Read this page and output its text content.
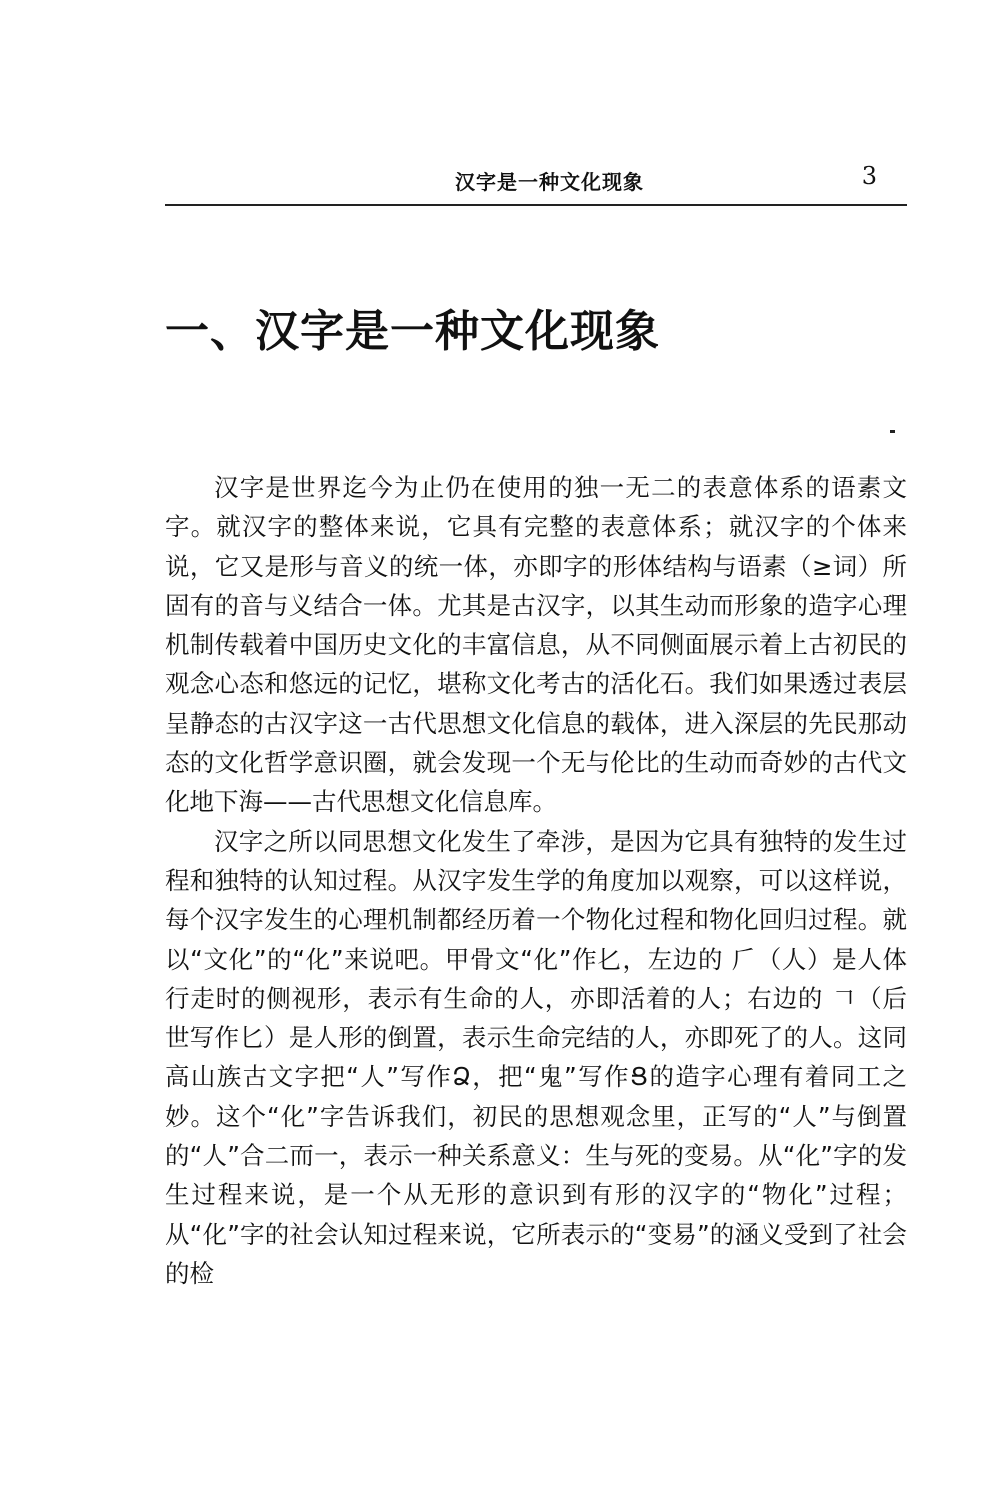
汉字是一种文化现象	3
一、汉字是一种文化现象

汉字是世界迄今为止仍在使用的独一无二的表意体系的语素文字。就汉字的整体来说，它具有完整的表意体系；就汉字的个体来说，它又是形与音义的统一体，亦即字的形体结构与语素（≥词）所固有的音与义结合一体。尤其是古汉字，以其生动而形象的造字心理机制传载着中国历史文化的丰富信息，从不同侧面展示着上古初民的观念心态和悠远的记忆，堪称文化考古的活化石。我们如果透过表层呈静态的古汉字这一古代思想文化信息的载体，进入深层的先民那动态的文化哲学意识圈，就会发现一个无与伦比的生动而奇妙的古代文化地下海——古代思想文化信息库。

汉字之所以同思想文化发生了牵涉，是因为它具有独特的发生过程和独特的认知过程。从汉字发生学的角度加以观察，可以这样说，每个汉字发生的心理机制都经历着一个物化过程和物化回归过程。就以“文化”的“化”来说吧。甲骨文“化”作𠤎，左边的 𠂆（人）是人体行走时的侧视形，表示有生命的人，亦即活着的人；右边的 𠃍（后世写作匕）是人形的倒置，表示生命完结的人，亦即死了的人。这同高山族古文字把“人”写作Ձ，把“鬼”写作Ց的造字心理有着同工之妙。这个“化”字告诉我们，初民的思想观念里，正写的“人”与倒置的“人”合二而一，表示一种关系意义：生与死的变易。从“化”字的发生过程来说，是一个从无形的意识到有形的汉字的“物化”过程；从“化”字的社会认知过程来说，它所表示的“变易”的涵义受到了社会的检
